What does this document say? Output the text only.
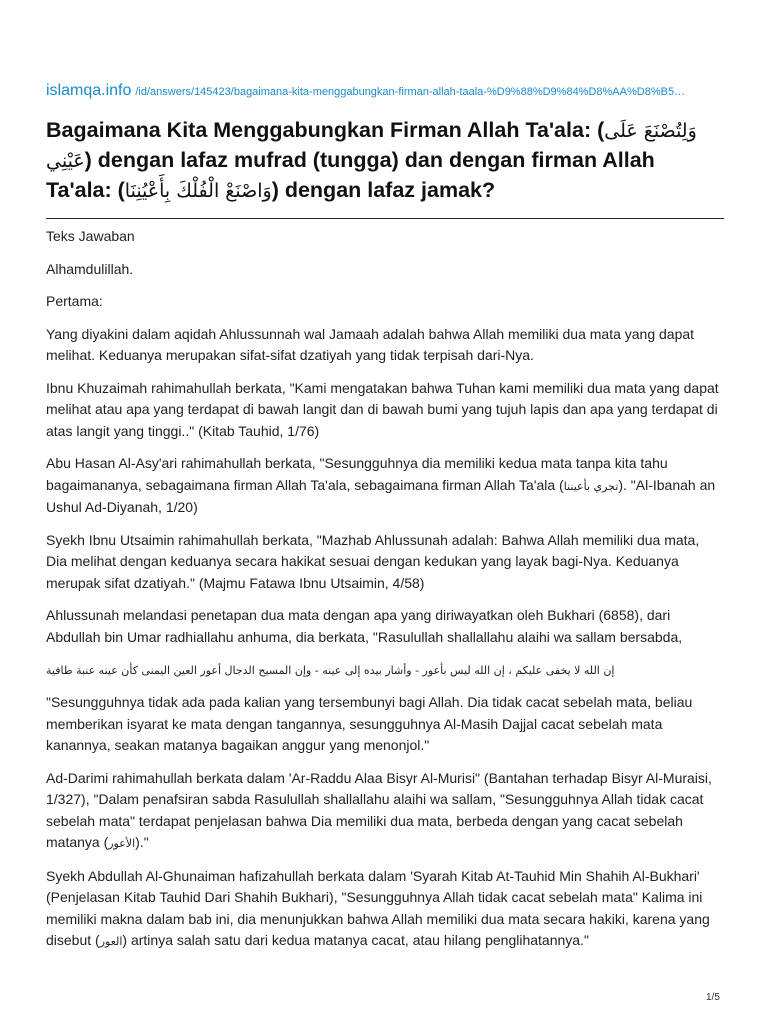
islamqa.info /id/answers/145423/bagaimana-kita-menggabungkan-firman-allah-taala-%D9%88%D9%84%D8%AA%D8%B5…
Bagaimana Kita Menggabungkan Firman Allah Ta'ala: (وَلِتُصْنَعَ عَلَى عَيْنِي) dengan lafaz mufrad (tungga) dan dengan firman Allah Ta'ala: (وَاصْنَعْ الْفُلْكَ بِأَعْيُنِنَا) dengan lafaz jamak?

Teks Jawaban

Alhamdulillah.

Pertama:

Yang diyakini dalam aqidah Ahlussunnah wal Jamaah adalah bahwa Allah memiliki dua mata yang dapat melihat. Keduanya merupakan sifat-sifat dzatiyah yang tidak terpisah dari-Nya.

Ibnu Khuzaimah rahimahullah berkata, "Kami mengatakan bahwa Tuhan kami memiliki dua mata yang dapat melihat atau apa yang terdapat di bawah langit dan di bawah bumi yang tujuh lapis dan apa yang terdapat di atas langit yang tinggi.." (Kitab Tauhid, 1/76)

Abu Hasan Al-Asy'ari rahimahullah berkata, "Sesungguhnya dia memiliki kedua mata tanpa kita tahu bagaimananya, sebagaimana firman Allah Ta'ala, sebagaimana firman Allah Ta'ala (تجري بأعيننا). "Al-Ibanah an Ushul Ad-Diyanah, 1/20)

Syekh Ibnu Utsaimin rahimahullah berkata, "Mazhab Ahlussunah adalah: Bahwa Allah memiliki dua mata, Dia melihat dengan keduanya secara hakikat sesuai dengan kedukan yang layak bagi-Nya. Keduanya merupak sifat dzatiyah." (Majmu Fatawa Ibnu Utsaimin, 4/58)

Ahlussunah melandasi penetapan dua mata dengan apa yang diriwayatkan oleh Bukhari (6858), dari Abdullah bin Umar radhiallahu anhuma, dia berkata, "Rasulullah shallallahu alaihi wa sallam bersabda,

إن الله لا يخفى عليكم ، إن الله ليس بأعور - وأشار بيده إلى عينه - وإن المسيح الدجال أعور العين اليمنى كأن عينه عنبة طافية

"Sesungguhnya tidak ada pada kalian yang tersembunyi bagi Allah. Dia tidak cacat sebelah mata, beliau memberikan isyarat ke mata dengan tangannya, sesungguhnya Al-Masih Dajjal cacat sebelah mata kanannya, seakan matanya bagaikan anggur yang menonjol."

Ad-Darimi rahimahullah berkata dalam 'Ar-Raddu Alaa Bisyr Al-Murisi" (Bantahan terhadap Bisyr Al-Muraisi, 1/327), "Dalam penafsiran sabda Rasulullah shallallahu alaihi wa sallam, "Sesungguhnya Allah tidak cacat sebelah mata" terdapat penjelasan bahwa Dia memiliki dua mata, berbeda dengan yang cacat sebelah matanya (الأعور)."

Syekh Abdullah Al-Ghunaiman hafizahullah berkata dalam 'Syarah Kitab At-Tauhid Min Shahih Al-Bukhari' (Penjelasan Kitab Tauhid Dari Shahih Bukhari), "Sesungguhnya Allah tidak cacat sebelah mata" Kalima ini memiliki makna dalam bab ini, dia menunjukkan bahwa Allah memiliki dua mata secara hakiki, karena yang disebut (العور) artinya salah satu dari kedua matanya cacat, atau hilang penglihatannya."

1/5
